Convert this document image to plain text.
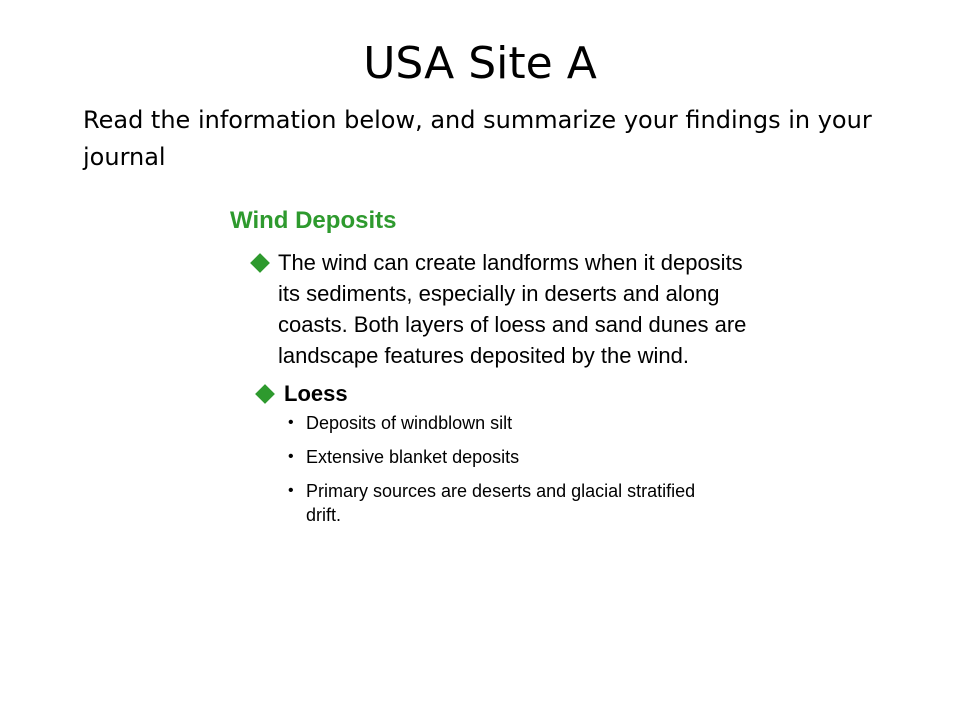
USA Site A
Read the information below, and summarize your findings in your journal

Wind Deposits

The wind can create landforms when it deposits its sediments, especially in deserts and along coasts. Both layers of loess and sand dunes are landscape features deposited by the wind.

Loess

• Deposits of windblown silt
• Extensive blanket deposits
• Primary sources are deserts and glacial stratified drift.
